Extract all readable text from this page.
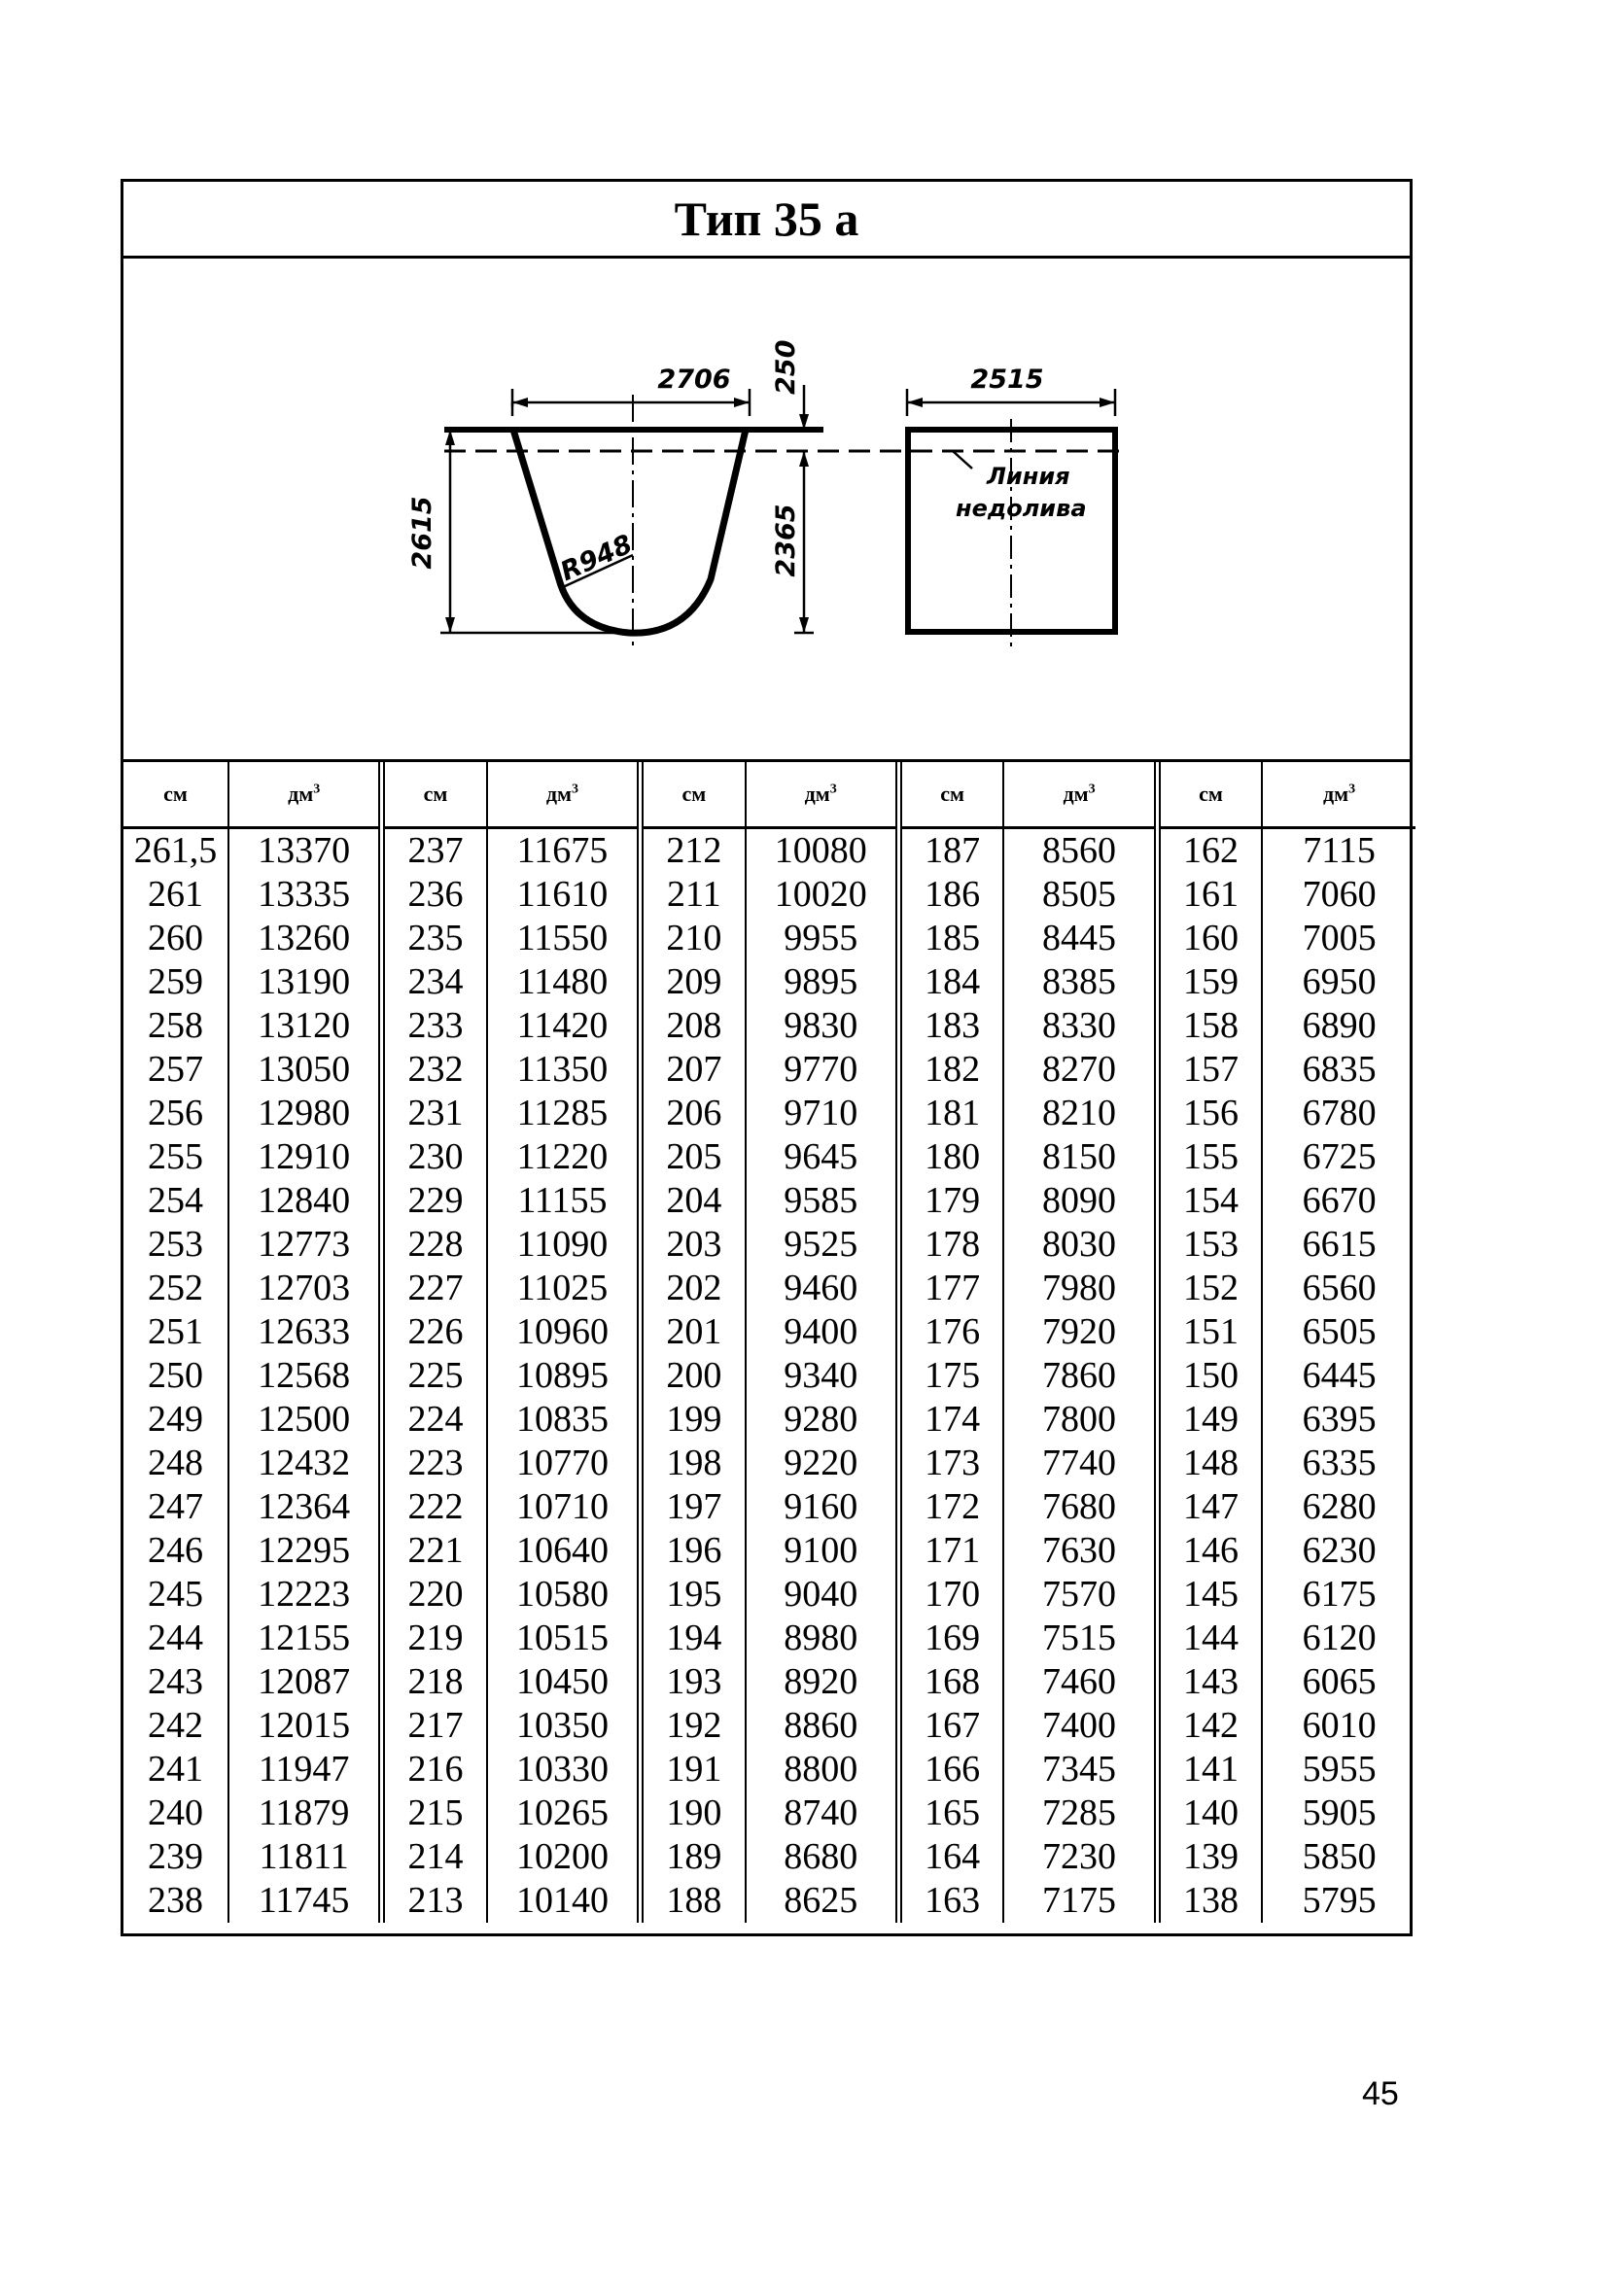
Тип 35 а
2706 250
2615	2365
R948
2515
Линия
недолива
см	$дм^3$	см	$дм^3$	см	$дм^3$	см	$дм^3$	см	$дм^3$
261,5	13370	237	11675	212	10080	187	8560	162	7115
261	13335	236	11610	211	10020	186	8505	161	7060
260	13260	235	11550	210	9955	185	8445	160	7005
259	13190	234	11480	209	9895	184	8385	159	6950
258	13120	233	11420	208	9830	183	8330	158	6890
257	13050	232	11350	207	9770	182	8270	157	6835
256	12980	231	11285	206	9710	181	8210	156	6780
255	12910	230	11220	205	9645	180	8150	155	6725
254	12840	229	11155	204	9585	179	8090	154	6670
253	12773	228	11090	203	9525	178	8030	153	6615
252	12703	227	11025	202	9460	177	7980	152	6560
251	12633	226	10960	201	9400	176	7920	151	6505
250	12568	225	10895	200	9340	175	7860	150	6445
249	12500	224	10835	199	9280	174	7800	149	6395
248	12432	223	10770	198	9220	173	7740	148	6335
247	12364	222	10710	197	9160	172	7680	147	6280
246	12295	221	10640	196	9100	171	7630	146	6230
245	12223	220	10580	195	9040	170	7570	145	6175
244	12155	219	10515	194	8980	169	7515	144	6120
243	12087	218	10450	193	8920	168	7460	143	6065
242	12015	217	10350	192	8860	167	7400	142	6010
241	11947	216	10330	191	8800	166	7345	141	5955
240	11879	215	10265	190	8740	165	7285	140	5905
239	11811	214	10200	189	8680	164	7230	139	5850
238	11745	213	10140	188	8625	163	7175	138	5795
45
